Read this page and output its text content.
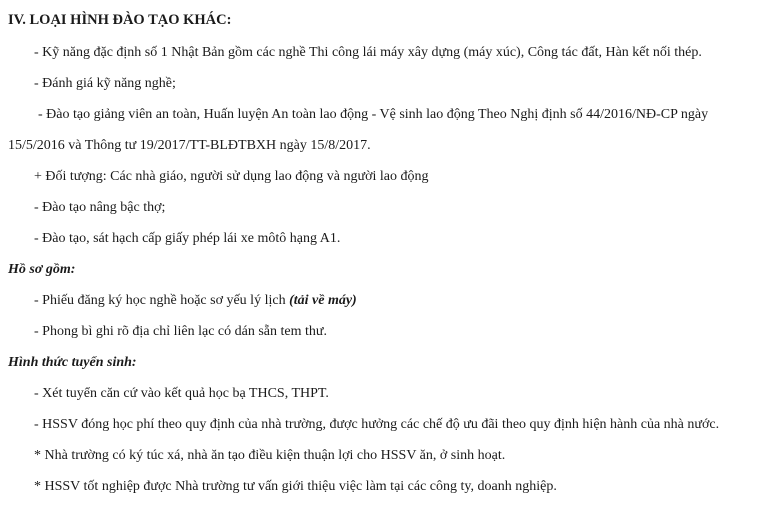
IV. LOẠI HÌNH ĐÀO TẠO KHÁC:
- Kỹ năng đặc định số 1 Nhật Bản gồm các nghề Thi công lái máy xây dựng (máy xúc), Công tác đất, Hàn kết nối thép.
- Đánh giá kỹ năng nghề;
- Đào tạo giảng viên an toàn, Huấn luyện An toàn lao động - Vệ sinh lao động Theo Nghị định số 44/2016/NĐ-CP ngày
15/5/2016 và Thông tư 19/2017/TT-BLĐTBXH ngày 15/8/2017.
+ Đối tượng: Các nhà giáo, người sử dụng lao động và người lao động
- Đào tạo nâng bậc thợ;
- Đào tạo, sát hạch cấp giấy phép lái xe môtô hạng A1.
Hồ sơ gồm:
- Phiếu đăng ký học nghề hoặc sơ yếu lý lịch (tải về máy)
- Phong bì ghi rõ địa chỉ liên lạc có dán sẵn tem thư.
Hình thức tuyển sinh:
- Xét tuyển căn cứ vào kết quả học bạ THCS, THPT.
- HSSV đóng học phí theo quy định của nhà trường, được hưởng các chế độ ưu đãi theo quy định hiện hành của nhà nước.
* Nhà trường có ký túc xá, nhà ăn tạo điều kiện thuận lợi cho HSSV ăn, ở sinh hoạt.
* HSSV tốt nghiệp được Nhà trường tư vấn giới thiệu việc làm tại các công ty, doanh nghiệp.
